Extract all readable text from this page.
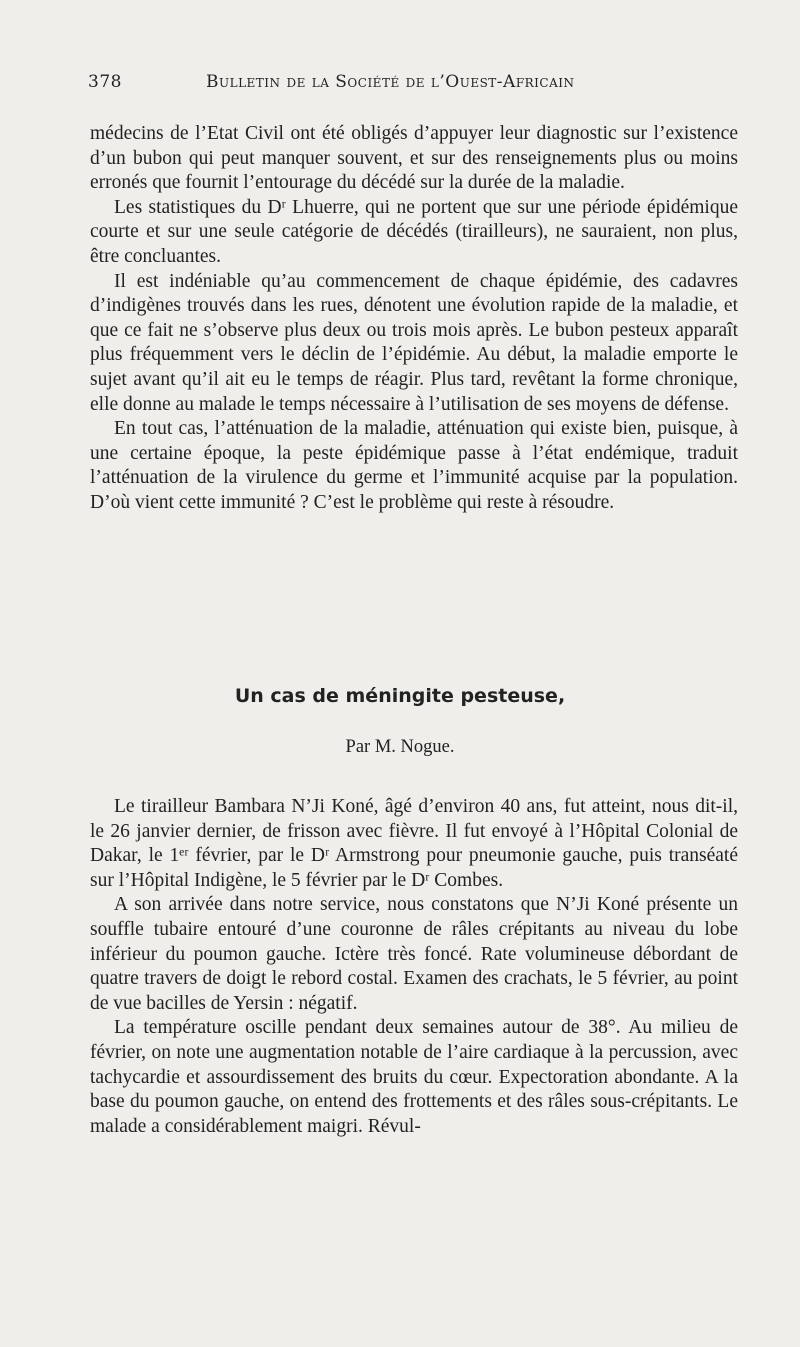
378	Bulletin de la Société de l’Ouest-Africain

médecins de l’Etat Civil ont été obligés d’appuyer leur diagnostic sur l’existence d’un bubon qui peut manquer souvent, et sur des renseignements plus ou moins erronés que fournit l’entourage du décédé sur la durée de la maladie.

Les statistiques du Dʳ Lhuerre, qui ne portent que sur une période épidémique courte et sur une seule catégorie de décédés (tirailleurs), ne sauraient, non plus, être concluantes.

Il est indéniable qu’au commencement de chaque épidémie, des cadavres d’indigènes trouvés dans les rues, dénotent une évolution rapide de la maladie, et que ce fait ne s’observe plus deux ou trois mois après. Le bubon pesteux apparaît plus fréquemment vers le déclin de l’épidémie. Au début, la maladie emporte le sujet avant qu’il ait eu le temps de réagir. Plus tard, revêtant la forme chronique, elle donne au malade le temps nécessaire à l’utilisation de ses moyens de défense.

En tout cas, l’atténuation de la maladie, atténuation qui existe bien, puisque, à une certaine époque, la peste épidémique passe à l’état endémique, traduit l’atténuation de la virulence du germe et l’immunité acquise par la population. D’où vient cette immunité ? C’est le problème qui reste à résoudre.

Un cas de méningite pesteuse,
Par M. Nogue.

Le tirailleur Bambara N’Ji Koné, âgé d’environ 40 ans, fut atteint, nous dit-il, le 26 janvier dernier, de frisson avec fièvre. Il fut envoyé à l’Hôpital Colonial de Dakar, le 1ᵉʳ février, par le Dʳ Armstrong pour pneumonie gauche, puis transéaté sur l’Hôpital Indigène, le 5 février par le Dʳ Combes.

A son arrivée dans notre service, nous constatons que N’Ji Koné présente un souffle tubaire entouré d’une couronne de râles crépitants au niveau du lobe inférieur du poumon gauche. Ictère très foncé. Rate volumineuse débordant de quatre travers de doigt le rebord costal. Examen des crachats, le 5 février, au point de vue bacilles de Yersin : négatif.

La température oscille pendant deux semaines autour de 38°. Au milieu de février, on note une augmentation notable de l’aire cardiaque à la percussion, avec tachycardie et assourdissement des bruits du cœur. Expectoration abondante. A la base du poumon gauche, on entend des frottements et des râles sous-crépitants. Le malade a considérablement maigri. Révul-
